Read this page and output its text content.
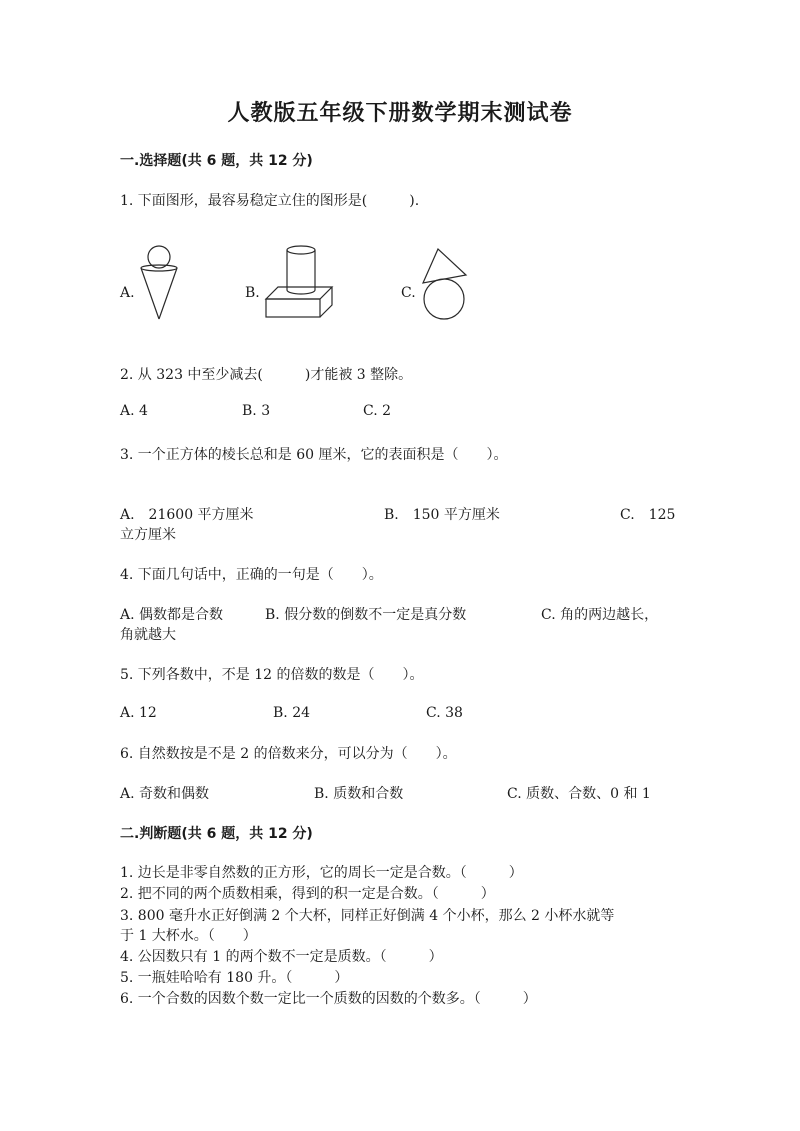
人教版五年级下册数学期末测试卷
一.选择题(共 6 题，共 12 分)
1. 下面图形，最容易稳定立住的图形是(　　　).
A.	B.	C.
2. 从 323 中至少减去(　　　)才能被 3 整除。
A. 4	B. 3	C. 2
3. 一个正方体的棱长总和是 60 厘米，它的表面积是（　　）。
A.　21600 平方厘米	B.　150 平方厘米	C.　125
立方厘米
4. 下面几句话中，正确的一句是（　　）。
A. 偶数都是合数	B. 假分数的倒数不一定是真分数	C. 角的两边越长，
角就越大
5. 下列各数中，不是 12 的倍数的数是（　　）。
A. 12	B. 24	C. 38
6. 自然数按是不是 2 的倍数来分，可以分为（　　）。
A. 奇数和偶数	B. 质数和合数	C. 质数、合数、0 和 1
二.判断题(共 6 题，共 12 分)
1. 边长是非零自然数的正方形，它的周长一定是合数。（　　　）
2. 把不同的两个质数相乘，得到的积一定是合数。（　　　）
3. 800 毫升水正好倒满 2 个大杯，同样正好倒满 4 个小杯，那么 2 小杯水就等
于 1 大杯水。（　　）
4. 公因数只有 1 的两个数不一定是质数。（　　　）
5. 一瓶娃哈哈有 180 升。（　　　）
6. 一个合数的因数个数一定比一个质数的因数的个数多。（　　　）
